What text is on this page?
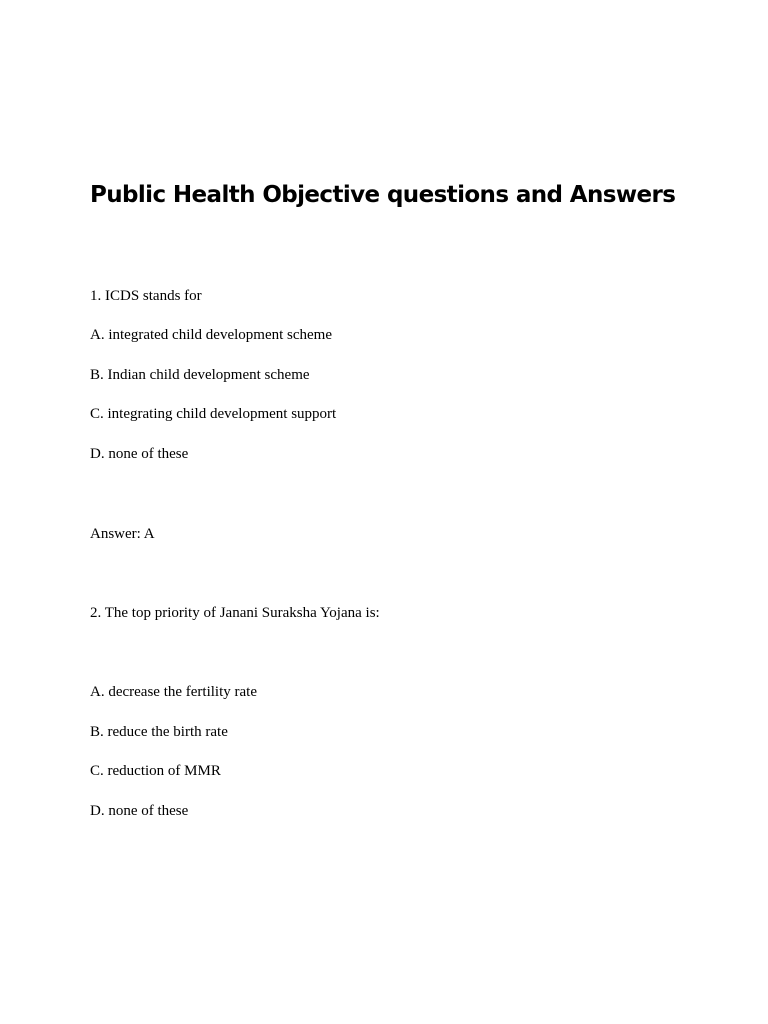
Public Health Objective questions and Answers

1. ICDS stands for

A. integrated child development scheme

B. Indian child development scheme

C. integrating child development support

D. none of these

Answer: A

2. The top priority of Janani Suraksha Yojana is:

A. decrease the fertility rate

B. reduce the birth rate

C. reduction of MMR

D. none of these
